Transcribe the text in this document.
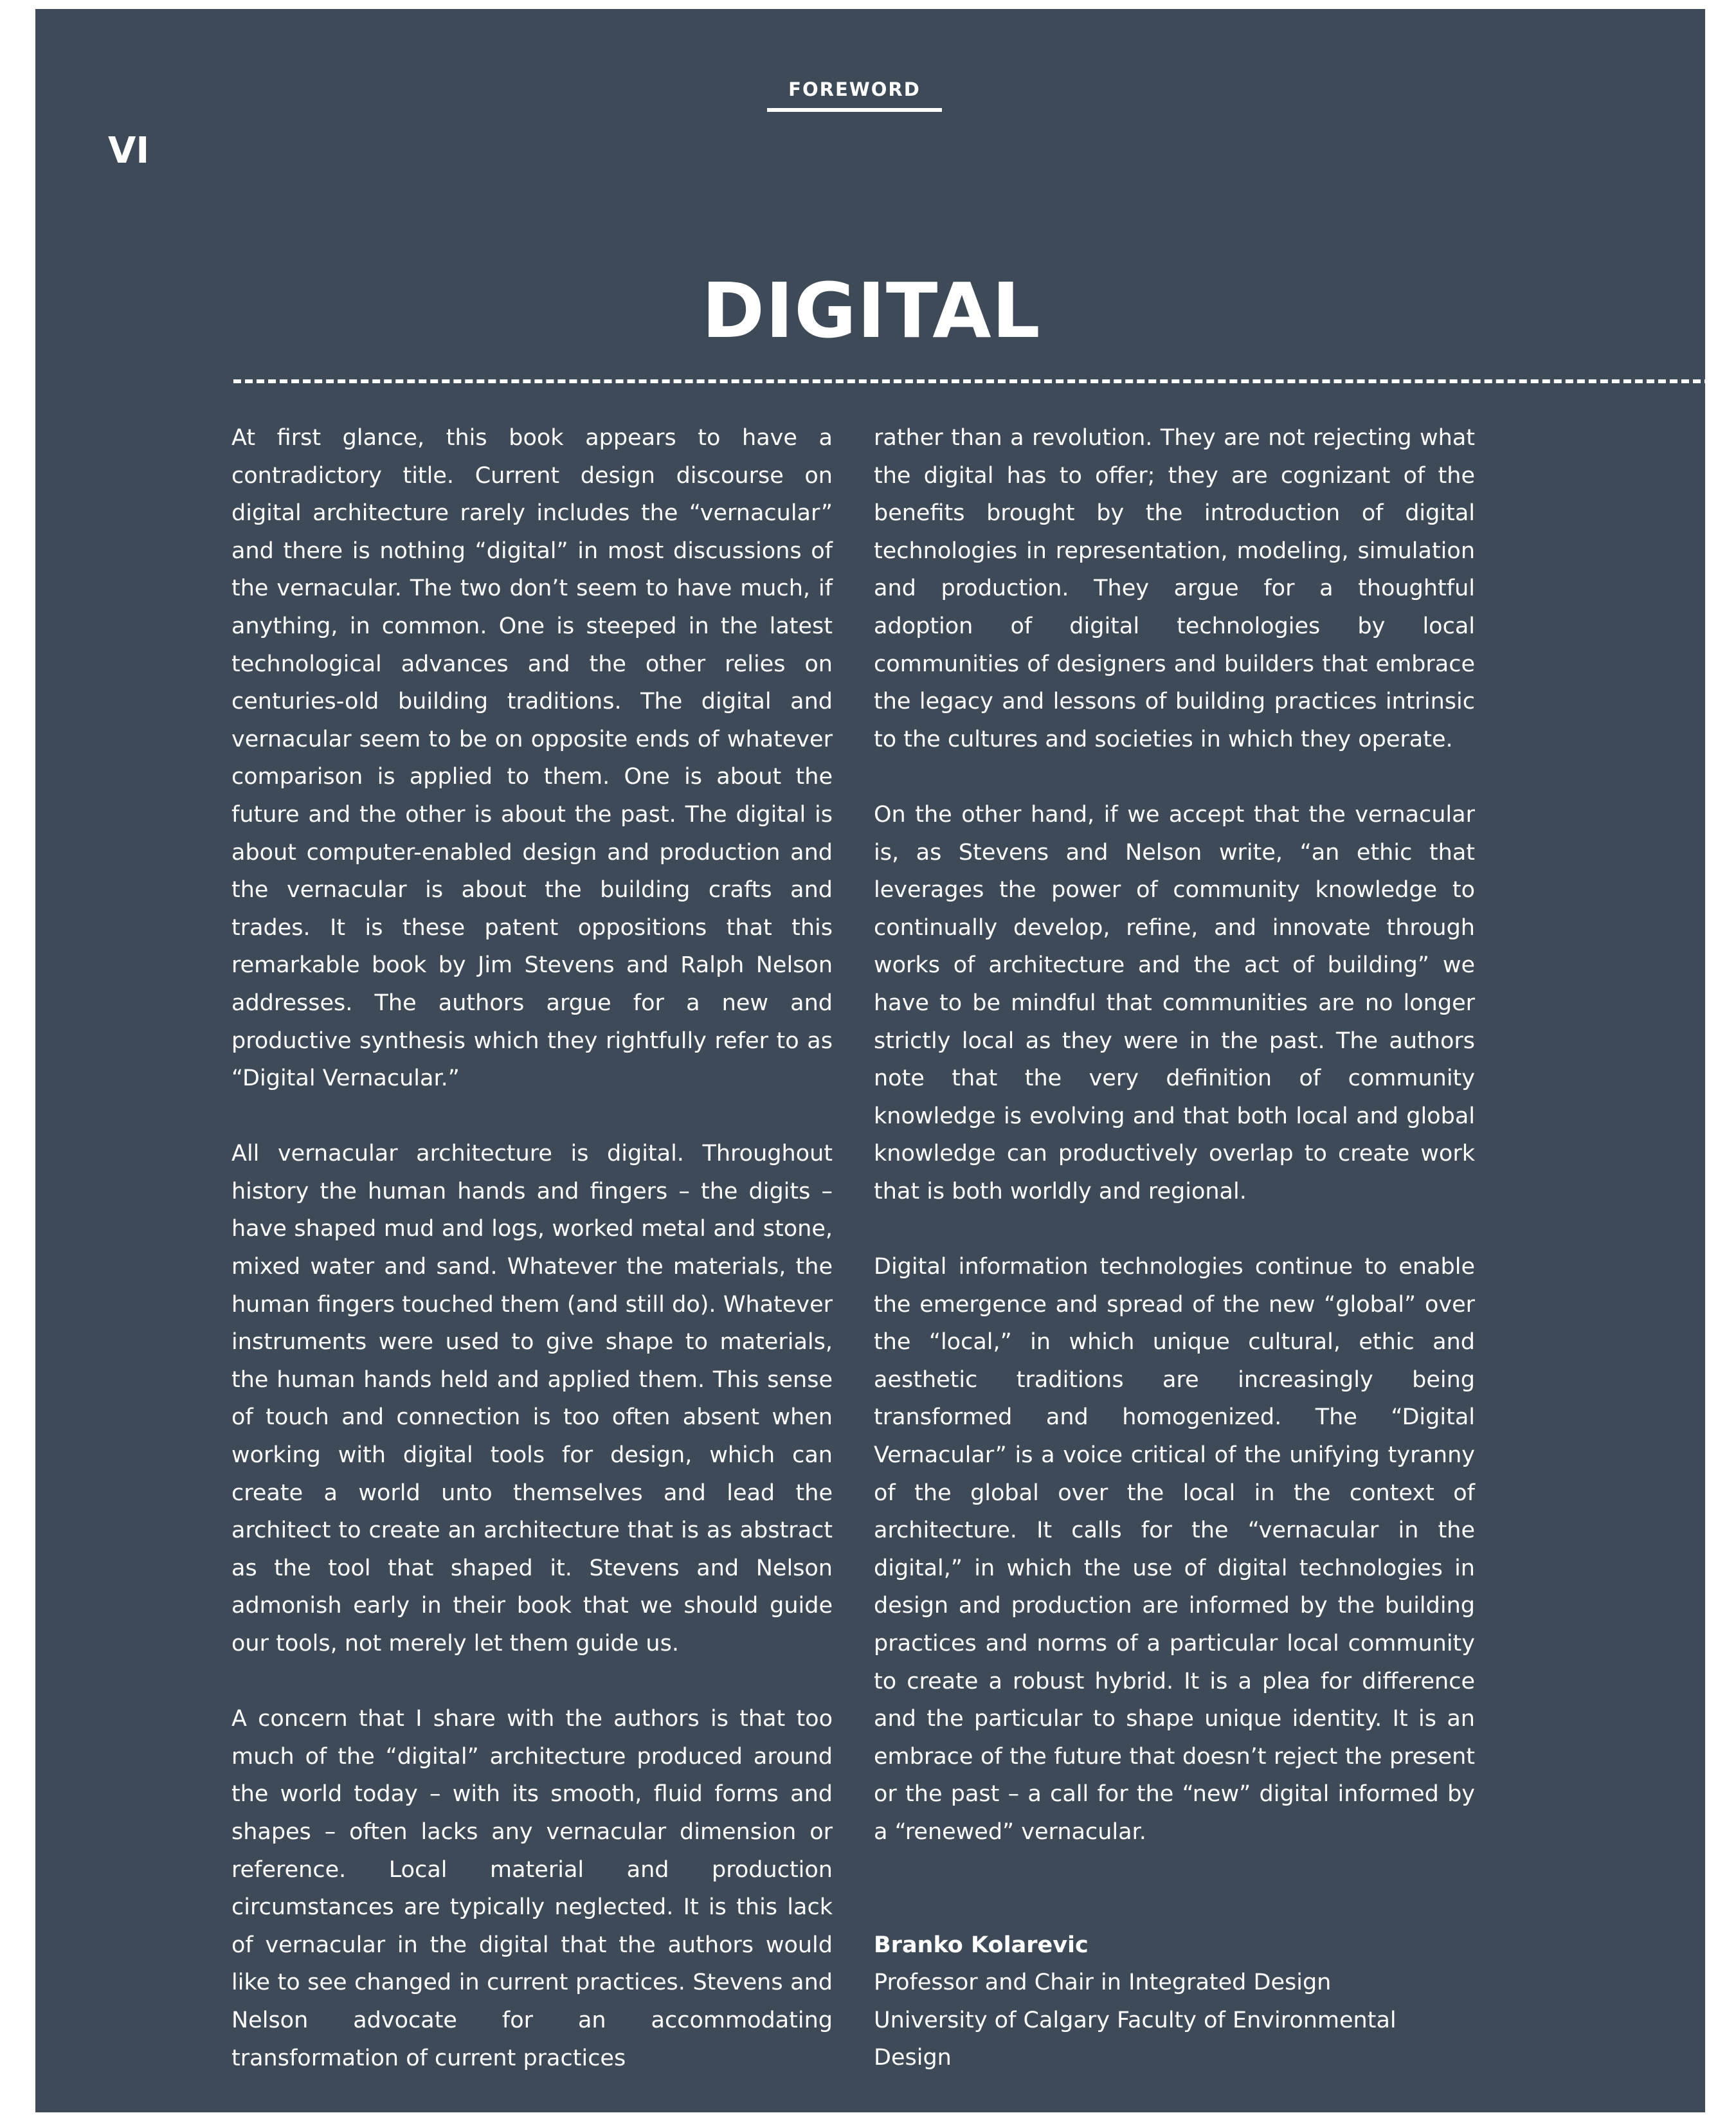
FOREWORD
VI
DIGITAL

At first glance, this book appears to have a contradictory title. Current design discourse on digital architecture rarely includes the “vernacular” and there is nothing “digital” in most discussions of the vernacular. The two don’t seem to have much, if anything, in common. One is steeped in the latest technological advances and the other relies on centuries-old building traditions. The digital and vernacular seem to be on opposite ends of whatever comparison is applied to them. One is about the future and the other is about the past. The digital is about computer-enabled design and production and the vernacular is about the building crafts and trades. It is these patent oppositions that this remarkable book by Jim Stevens and Ralph Nelson addresses. The authors argue for a new and productive synthesis which they rightfully refer to as “Digital Vernacular.”

All vernacular architecture is digital. Throughout history the human hands and fingers – the digits – have shaped mud and logs, worked metal and stone, mixed water and sand. Whatever the materials, the human fingers touched them (and still do). Whatever instruments were used to give shape to materials, the human hands held and applied them. This sense of touch and connection is too often absent when working with digital tools for design, which can create a world unto themselves and lead the architect to create an architecture that is as abstract as the tool that shaped it. Stevens and Nelson admonish early in their book that we should guide our tools, not merely let them guide us.

A concern that I share with the authors is that too much of the “digital” architecture produced around the world today – with its smooth, fluid forms and shapes – often lacks any vernacular dimension or reference. Local material and production circumstances are typically neglected. It is this lack of vernacular in the digital that the authors would like to see changed in current practices. Stevens and Nelson advocate for an accommodating transformation of current practices

rather than a revolution. They are not rejecting what the digital has to offer; they are cognizant of the benefits brought by the introduction of digital technologies in representation, modeling, simulation and production. They argue for a thoughtful adoption of digital technologies by local communities of designers and builders that embrace the legacy and lessons of building practices intrinsic to the cultures and societies in which they operate.

On the other hand, if we accept that the vernacular is, as Stevens and Nelson write, “an ethic that leverages the power of community knowledge to continually develop, refine, and innovate through works of architecture and the act of building” we have to be mindful that communities are no longer strictly local as they were in the past. The authors note that the very definition of community knowledge is evolving and that both local and global knowledge can productively overlap to create work that is both worldly and regional.

Digital information technologies continue to enable the emergence and spread of the new “global” over the “local,” in which unique cultural, ethic and aesthetic traditions are increasingly being transformed and homogenized. The “Digital Vernacular” is a voice critical of the unifying tyranny of the global over the local in the context of architecture. It calls for the “vernacular in the digital,” in which the use of digital technologies in design and production are informed by the building practices and norms of a particular local community to create a robust hybrid. It is a plea for difference and the particular to shape unique identity. It is an embrace of the future that doesn’t reject the present or the past – a call for the “new” digital informed by a “renewed” vernacular.

Branko Kolarevic
Professor and Chair in Integrated Design
University of Calgary Faculty of Environmental Design
